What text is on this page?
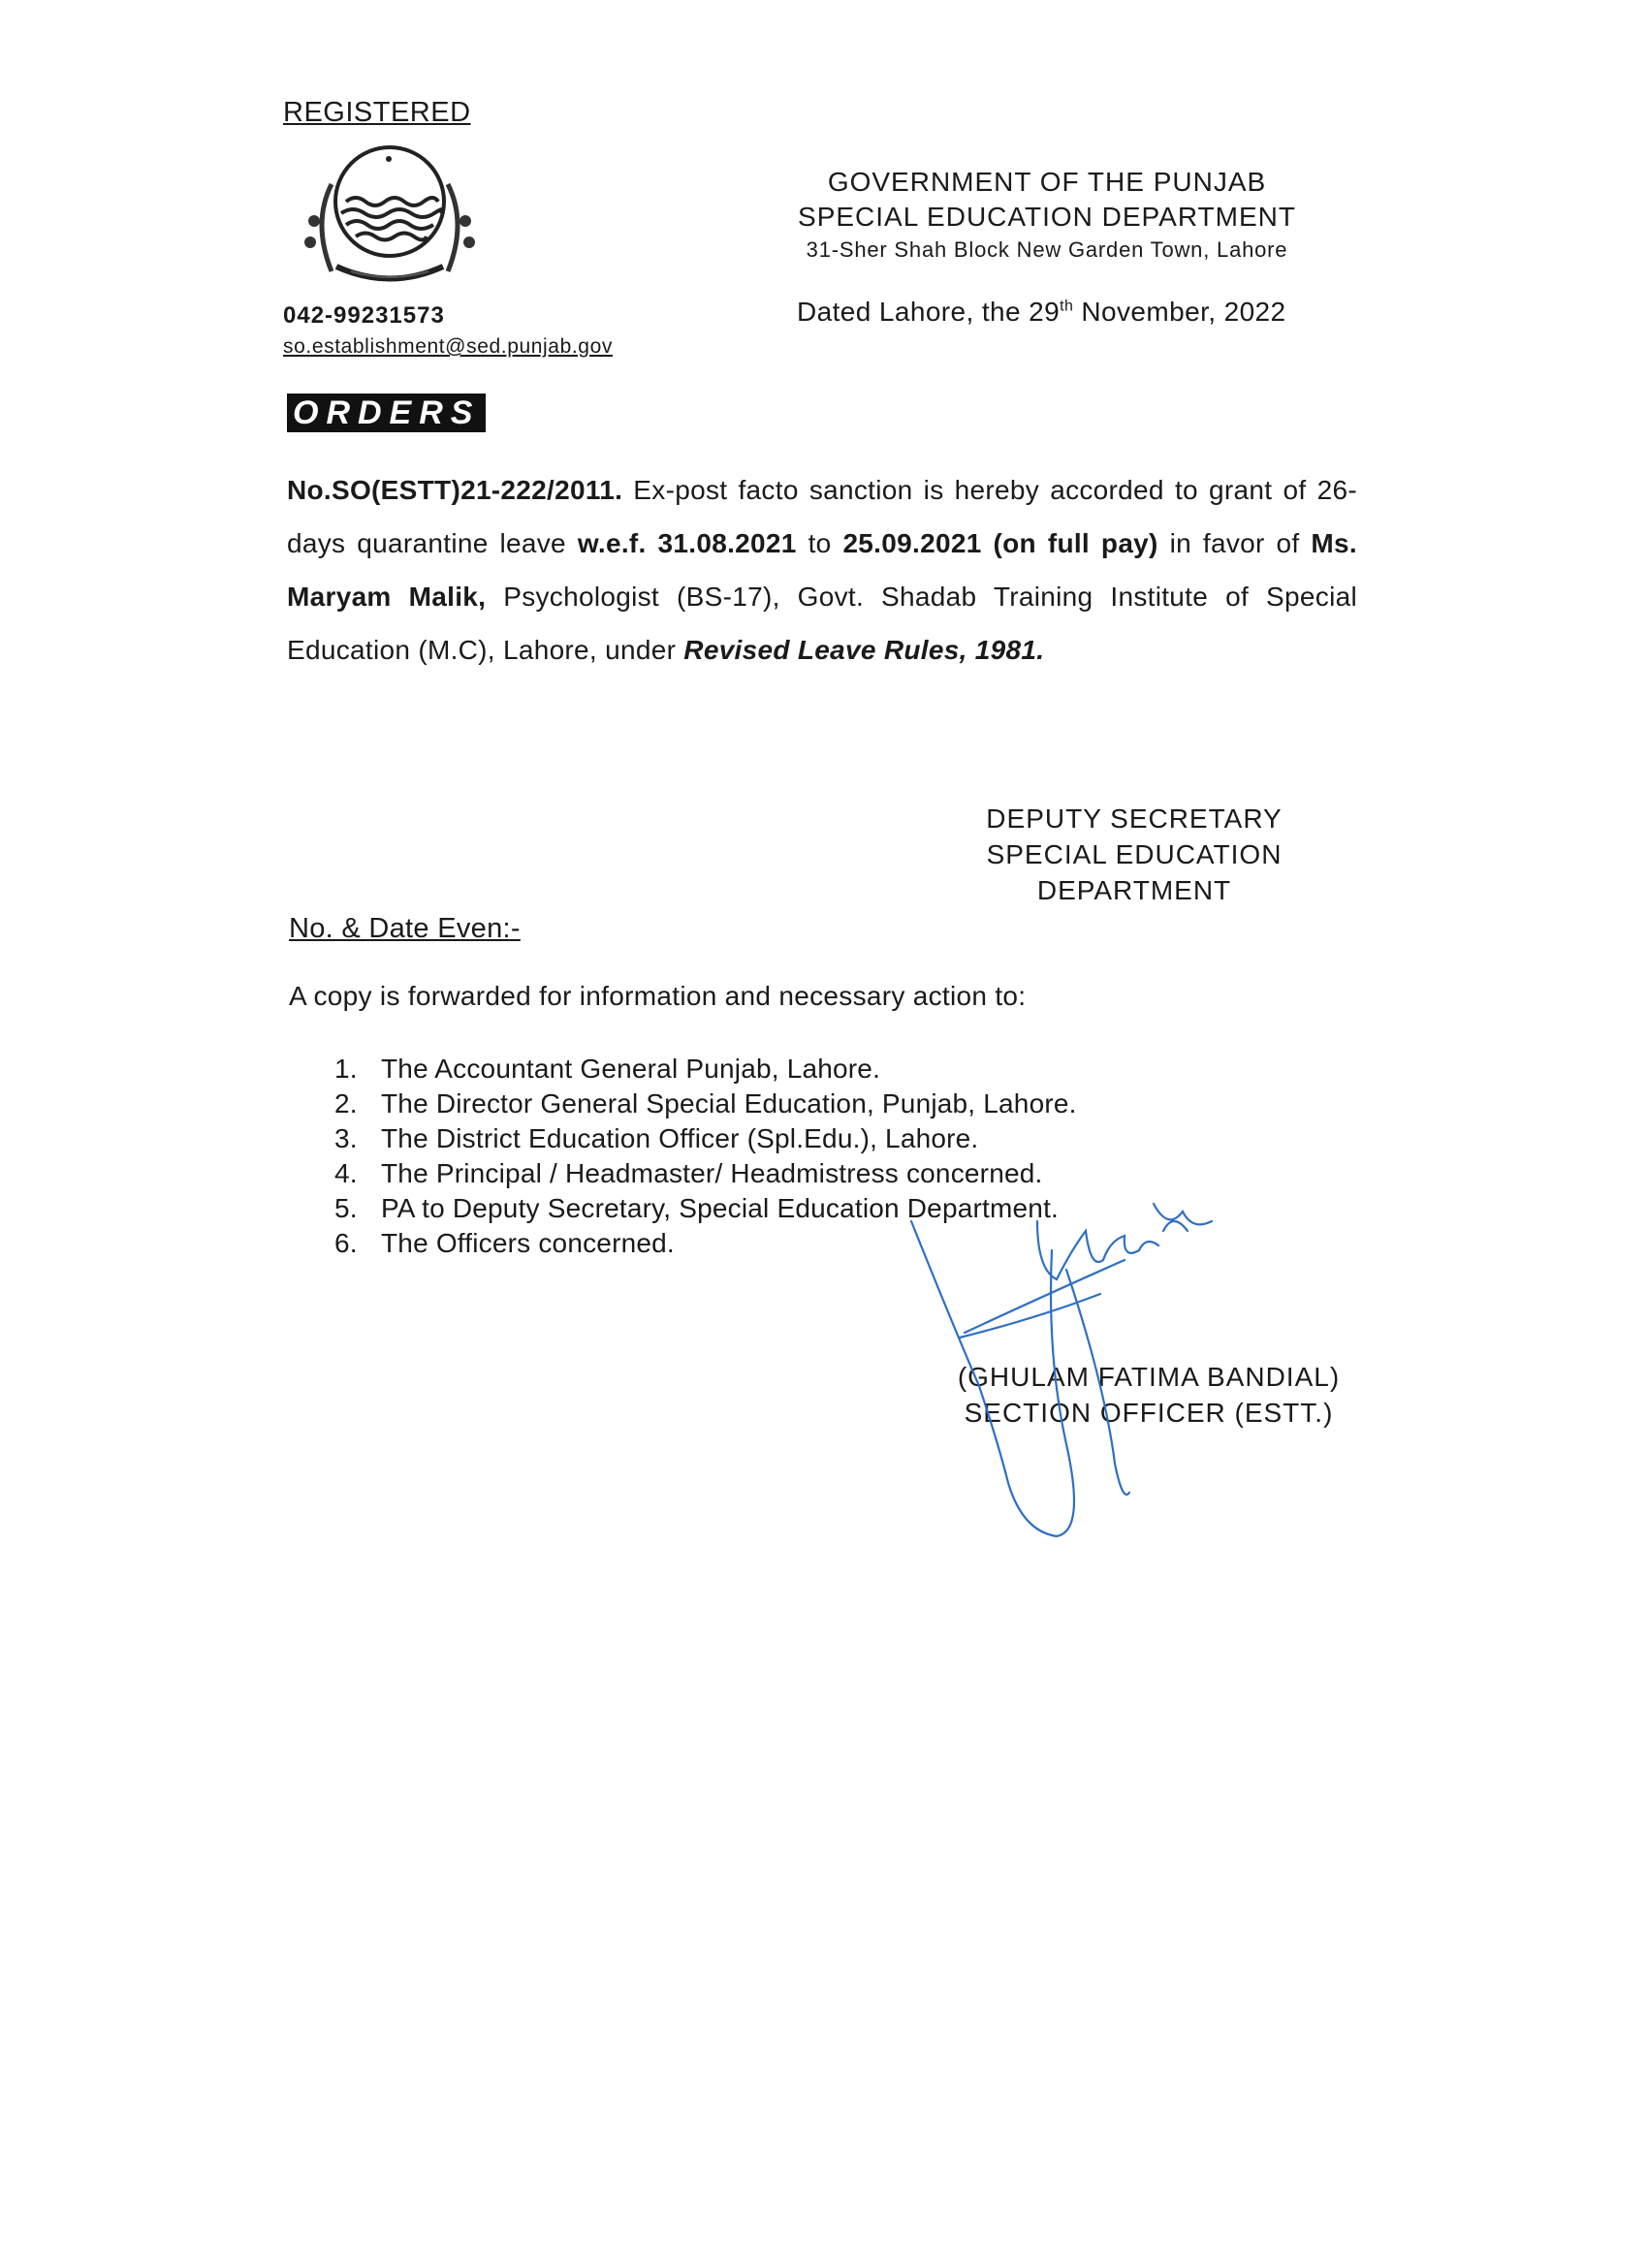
REGISTERED
042-99231573
so.establishment@sed.punjab.gov
GOVERNMENT OF THE PUNJAB
SPECIAL EDUCATION DEPARTMENT
31-Sher Shah Block New Garden Town, Lahore
Dated Lahore, the 29th November, 2022
ORDERS
No.SO(ESTT)21-222/2011. Ex-post facto sanction is hereby accorded to grant of 26-days quarantine leave w.e.f. 31.08.2021 to 25.09.2021 (on full pay) in favor of Ms. Maryam Malik, Psychologist (BS-17), Govt. Shadab Training Institute of Special Education (M.C), Lahore, under Revised Leave Rules, 1981.
DEPUTY SECRETARY
SPECIAL EDUCATION
DEPARTMENT
No. & Date Even:-
A copy is forwarded for information and necessary action to:
1. The Accountant General Punjab, Lahore.
2. The Director General Special Education, Punjab, Lahore.
3. The District Education Officer (Spl.Edu.), Lahore.
4. The Principal / Headmaster/ Headmistress concerned.
5. PA to Deputy Secretary, Special Education Department.
6. The Officers concerned.
(GHULAM FATIMA BANDIAL)
SECTION OFFICER (ESTT.)
